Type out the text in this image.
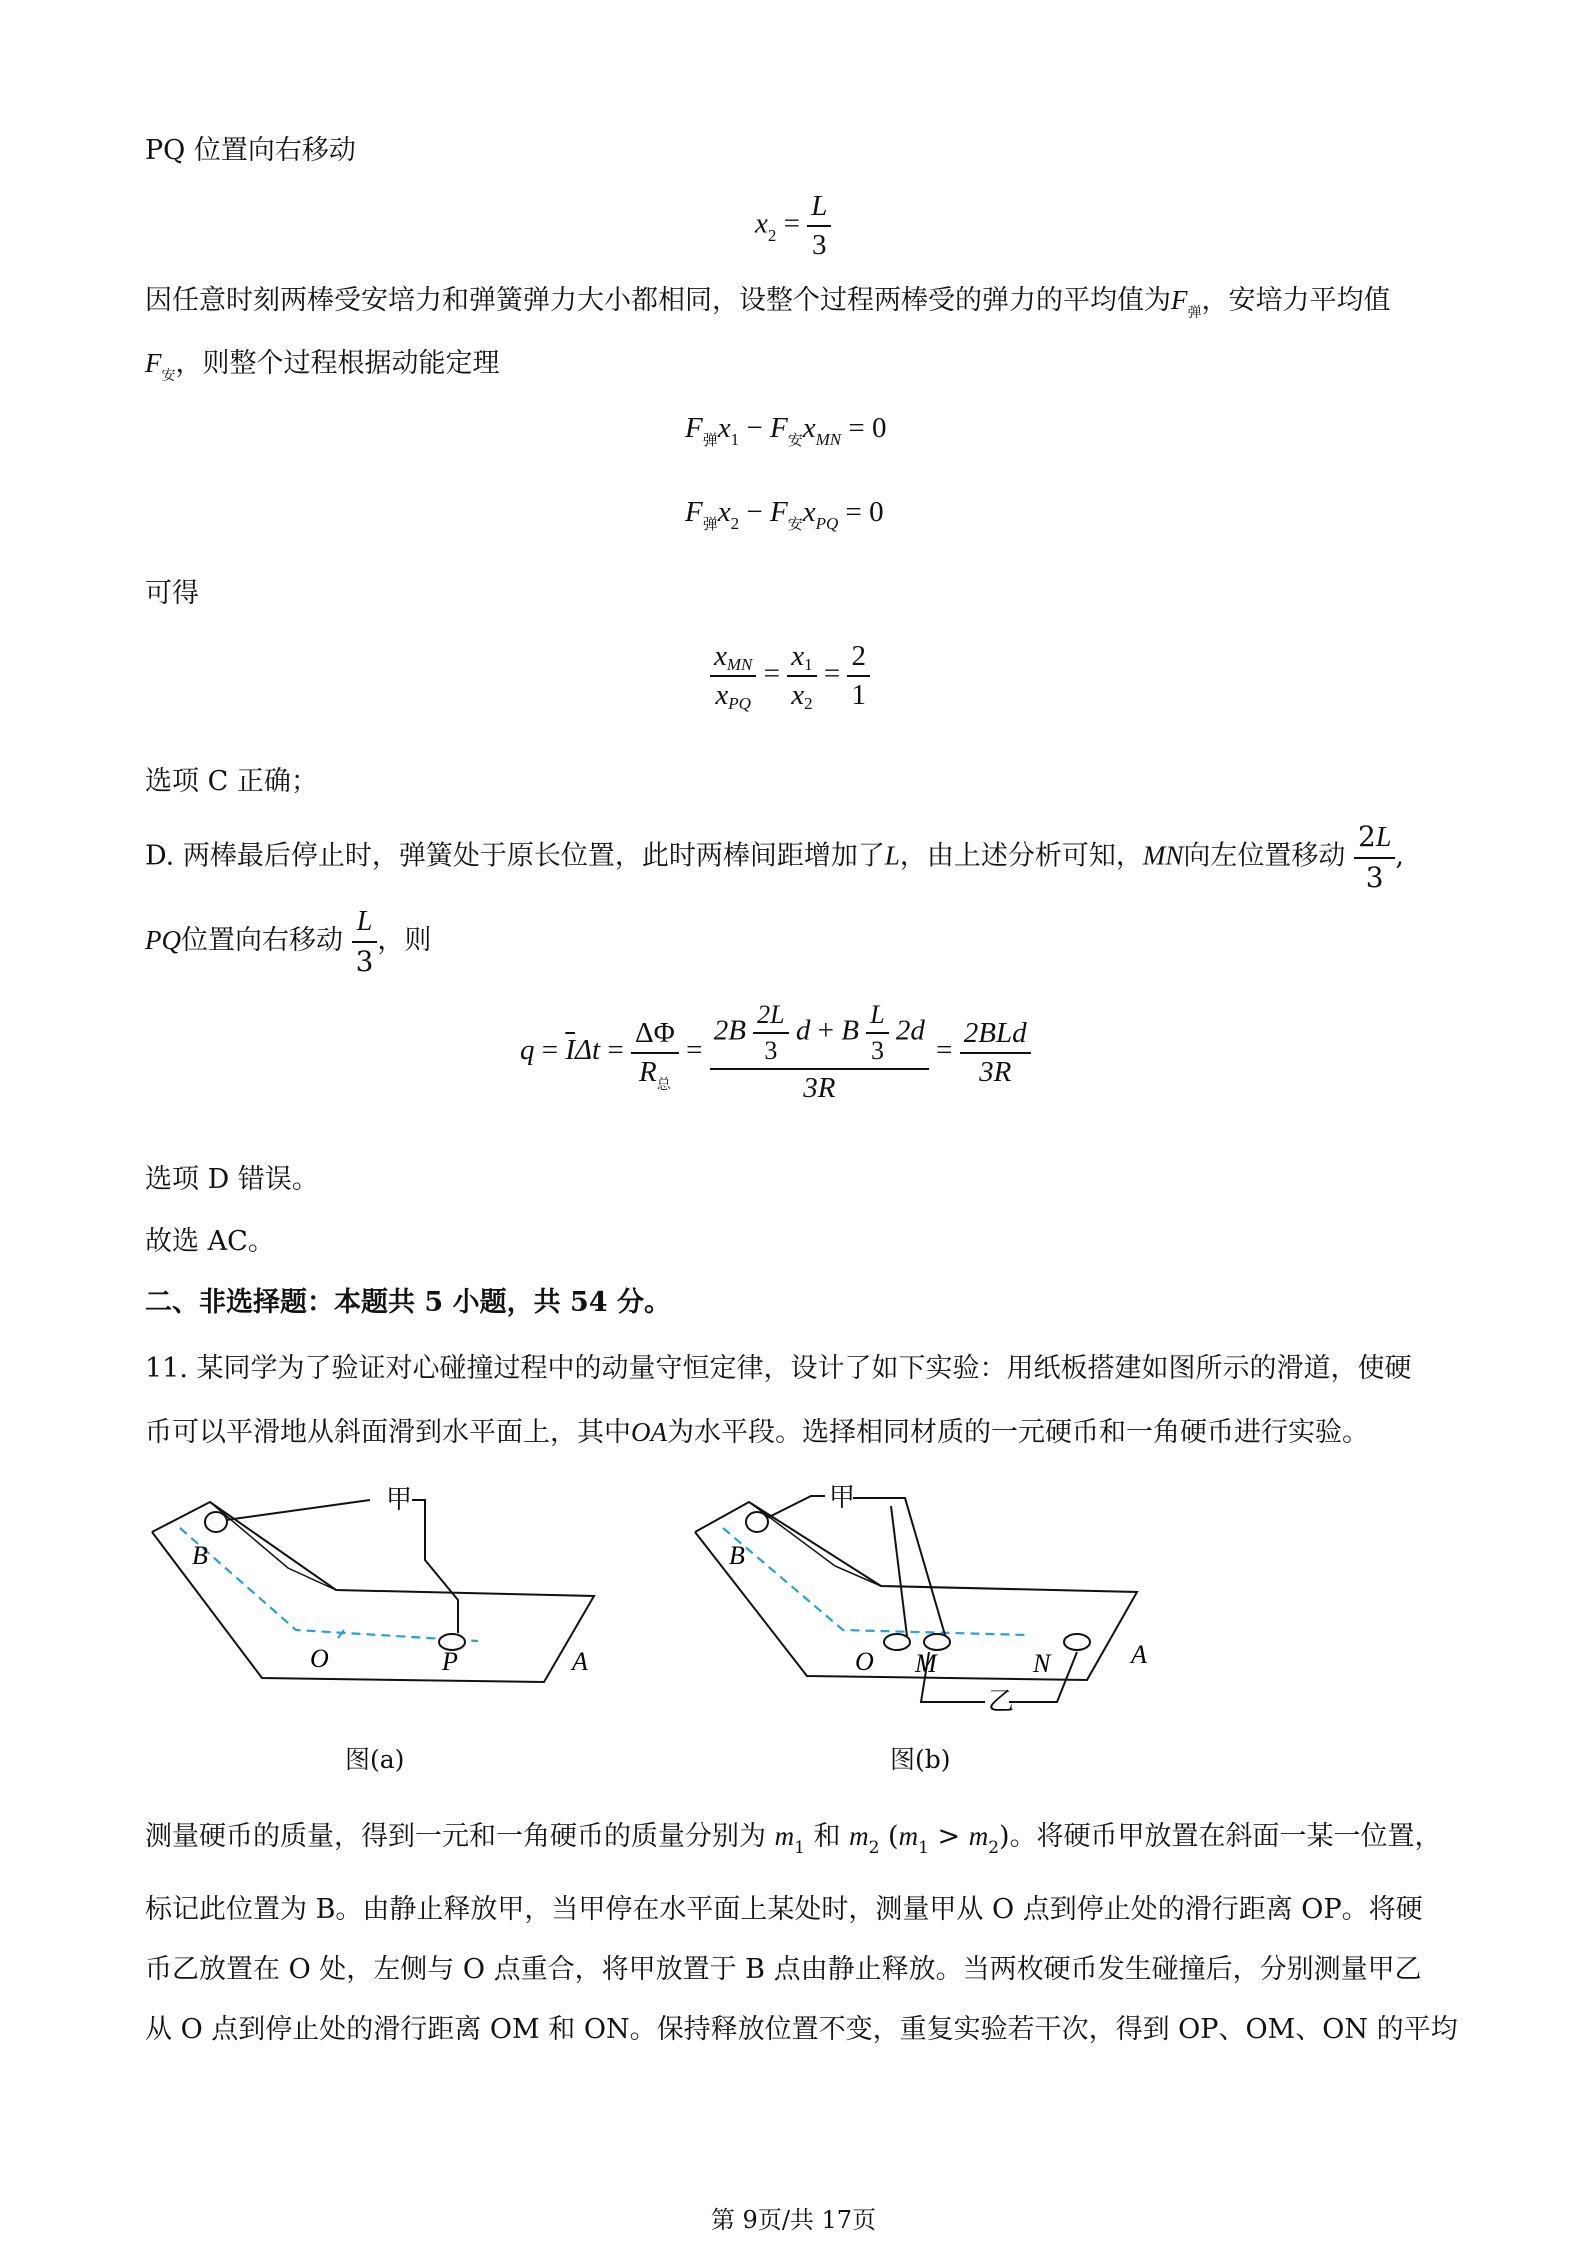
PQ 位置向右移动
$x_2 = \frac{L}{3}$
因任意时刻两棒受安培力和弹簧弹力大小都相同，设整个过程两棒受的弹力的平均值为$F_弹$，安培力平均值
$F_安$，则整个过程根据动能定理
$F_弹x_1 - F_安x_{MN} = 0$
$F_弹x_2 - F_安x_{PQ} = 0$
可得
$\frac{\text{xMN}}{\text{xPQ}} = \frac{x1}{x2} = \frac{2}{1}$
选项 C 正确；
D. 两棒最后停止时，弹簧处于原长位置，此时两棒间距增加了L，由上述分析可知，MN向左位置移动 $\frac{2L}{3}$ ,
PQ位置向右移动 $\frac{L}{3}$ ，则
$q = \overline{I}\Delta t = \frac{\Delta\Phi}{R_总} = \frac{2B \frac{2L}{3} d + B \frac{L}{3} 2d}{3R} = \frac{\text{2BLd}}{3R}$
选项 D 错误。
故选 AC。
二、非选择题：本题共 5 小题，共 54 分。
11. 某同学为了验证对心碰撞过程中的动量守恒定律，设计了如下实验：用纸板搭建如图所示的滑道，使硬
币可以平滑地从斜面滑到水平面上，其中OA为水平段。选择相同材质的一元硬币和一角硬币进行实验。
甲
B
O	P	A
图(a)
甲
乙
B
O M	N	A
图(b)
测量硬币的质量，得到一元和一角硬币的质量分别为 $m_1$ 和 $m_2$ $(m_1 > m_2)$。将硬币甲放置在斜面一某一位置，
标记此位置为 B。由静止释放甲，当甲停在水平面上某处时，测量甲从 O 点到停止处的滑行距离 OP。将硬
币乙放置在 O 处，左侧与 O 点重合，将甲放置于 B 点由静止释放。当两枚硬币发生碰撞后，分别测量甲乙
从 O 点到停止处的滑行距离 OM 和 ON。保持释放位置不变，重复实验若干次，得到 OP、OM、ON 的平均
第 9页/共 17页
